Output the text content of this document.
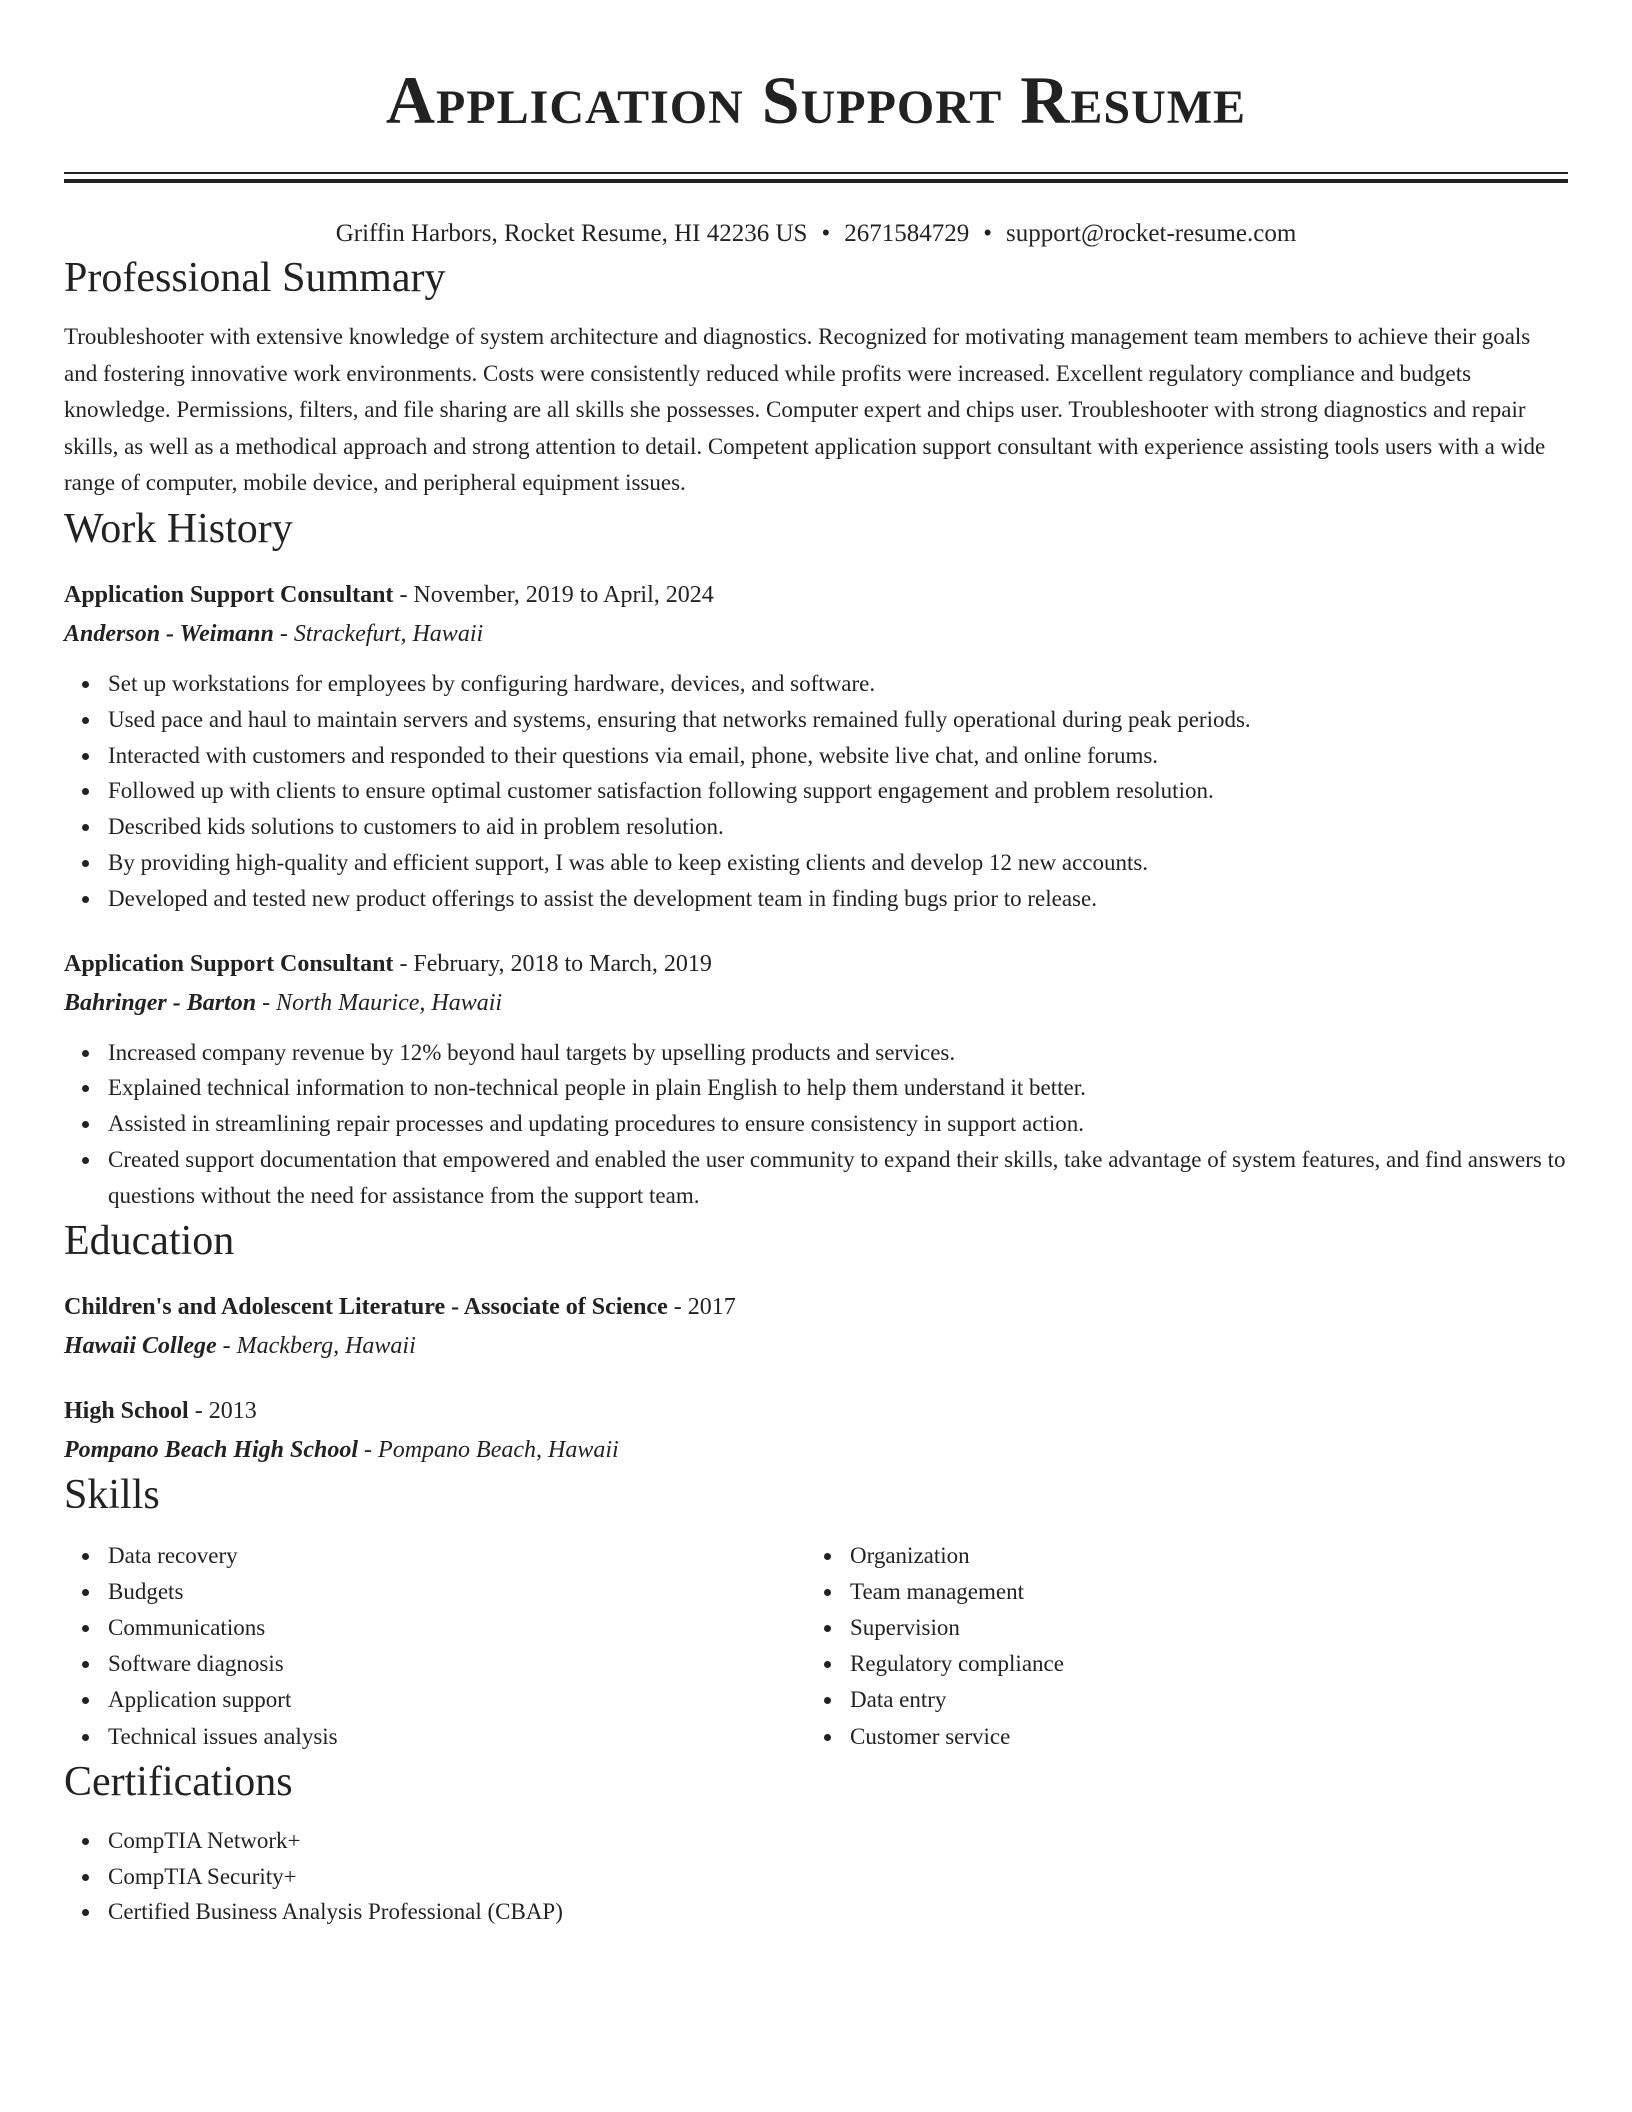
Application Support Resume
Griffin Harbors, Rocket Resume, HI 42236 US • 2671584729 • support@rocket-resume.com
Professional Summary
Troubleshooter with extensive knowledge of system architecture and diagnostics. Recognized for motivating management team members to achieve their goals and fostering innovative work environments. Costs were consistently reduced while profits were increased. Excellent regulatory compliance and budgets knowledge. Permissions, filters, and file sharing are all skills she possesses. Computer expert and chips user. Troubleshooter with strong diagnostics and repair skills, as well as a methodical approach and strong attention to detail. Competent application support consultant with experience assisting tools users with a wide range of computer, mobile device, and peripheral equipment issues.
Work History
Application Support Consultant - November, 2019 to April, 2024
Anderson - Weimann - Strackefurt, Hawaii
Set up workstations for employees by configuring hardware, devices, and software.
Used pace and haul to maintain servers and systems, ensuring that networks remained fully operational during peak periods.
Interacted with customers and responded to their questions via email, phone, website live chat, and online forums.
Followed up with clients to ensure optimal customer satisfaction following support engagement and problem resolution.
Described kids solutions to customers to aid in problem resolution.
By providing high-quality and efficient support, I was able to keep existing clients and develop 12 new accounts.
Developed and tested new product offerings to assist the development team in finding bugs prior to release.
Application Support Consultant - February, 2018 to March, 2019
Bahringer - Barton - North Maurice, Hawaii
Increased company revenue by 12% beyond haul targets by upselling products and services.
Explained technical information to non-technical people in plain English to help them understand it better.
Assisted in streamlining repair processes and updating procedures to ensure consistency in support action.
Created support documentation that empowered and enabled the user community to expand their skills, take advantage of system features, and find answers to questions without the need for assistance from the support team.
Education
Children's and Adolescent Literature - Associate of Science - 2017
Hawaii College - Mackberg, Hawaii
High School - 2013
Pompano Beach High School - Pompano Beach, Hawaii
Skills
Data recovery
Budgets
Communications
Software diagnosis
Application support
Technical issues analysis
Organization
Team management
Supervision
Regulatory compliance
Data entry
Customer service
Certifications
CompTIA Network+
CompTIA Security+
Certified Business Analysis Professional (CBAP)
